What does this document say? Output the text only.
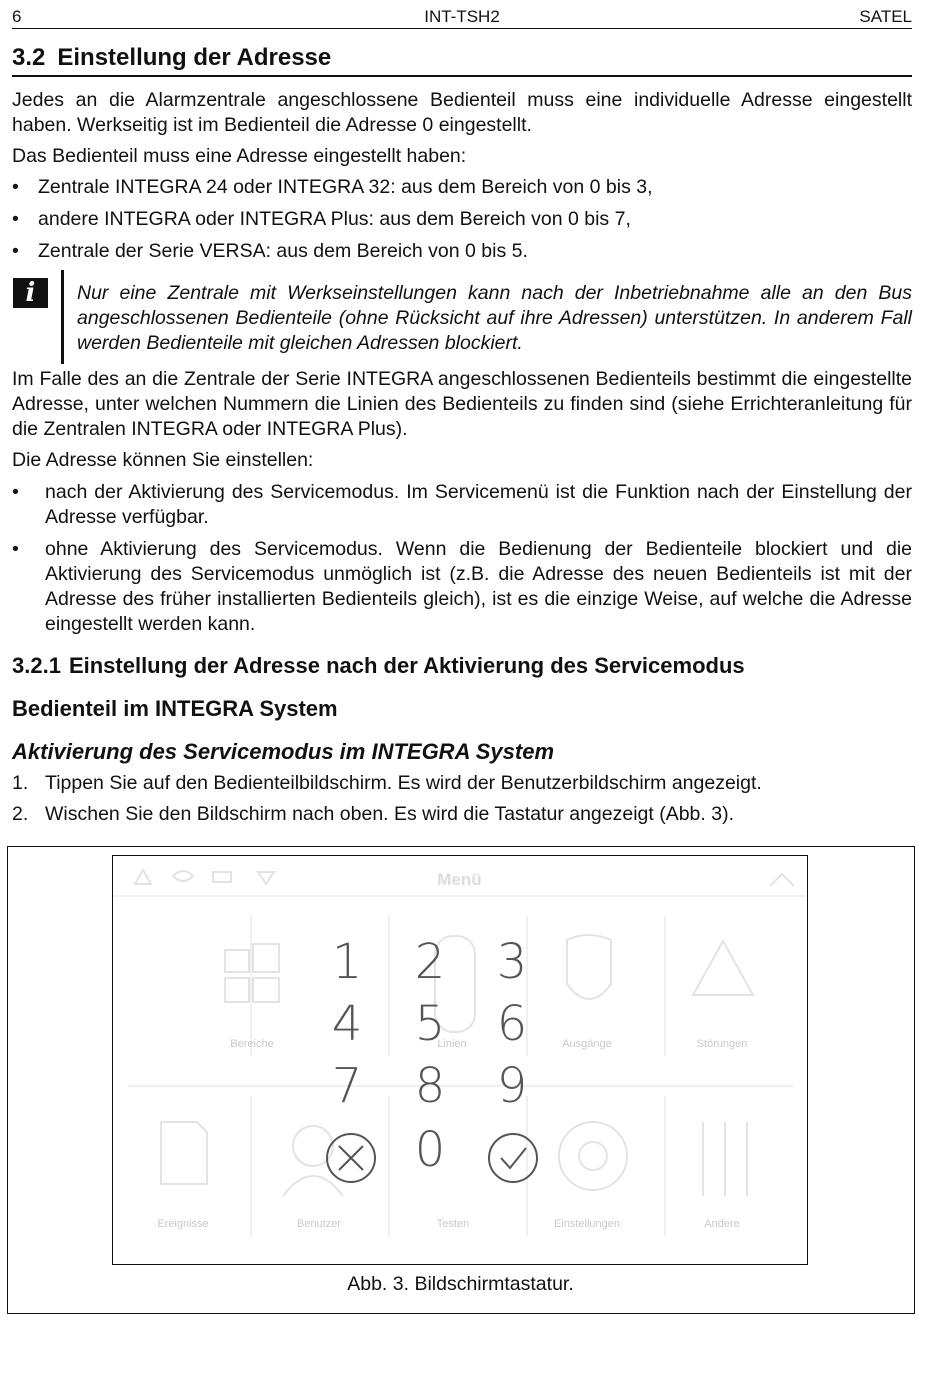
6	INT-TSH2	SATEL
3.2 Einstellung der Adresse

Jedes an die Alarmzentrale angeschlossene Bedienteil muss eine individuelle Adresse eingestellt haben. Werkseitig ist im Bedienteil die Adresse 0 eingestellt.

Das Bedienteil muss eine Adresse eingestellt haben:

• Zentrale INTEGRA 24 oder INTEGRA 32: aus dem Bereich von 0 bis 3,
• andere INTEGRA oder INTEGRA Plus: aus dem Bereich von 0 bis 7,
• Zentrale der Serie VERSA: aus dem Bereich von 0 bis 5.
i	Nur eine Zentrale mit Werkseinstellungen kann nach der Inbetriebnahme alle an den Bus angeschlossenen Bedienteile (ohne Rücksicht auf ihre Adressen) unterstützen. In anderem Fall werden Bedienteile mit gleichen Adressen blockiert.

Im Falle des an die Zentrale der Serie INTEGRA angeschlossenen Bedienteils bestimmt die eingestellte Adresse, unter welchen Nummern die Linien des Bedienteils zu finden sind (siehe Errichteranleitung für die Zentralen INTEGRA oder INTEGRA Plus).

Die Adresse können Sie einstellen:

• nach der Aktivierung des Servicemodus. Im Servicemenü ist die Funktion nach der Einstellung der Adresse verfügbar.
• ohne Aktivierung des Servicemodus. Wenn die Bedienung der Bedienteile blockiert und die Aktivierung des Servicemodus unmöglich ist (z.B. die Adresse des neuen Bedienteils ist mit der Adresse des früher installierten Bedienteils gleich), ist es die einzige Weise, auf welche die Adresse eingestellt werden kann.
3.2.1 Einstellung der Adresse nach der Aktivierung des Servicemodus
Bedienteil im INTEGRA System
Aktivierung des Servicemodus im INTEGRA System
1. Tippen Sie auf den Bedienteilbildschirm. Es wird der Benutzerbildschirm angezeigt.
2. Wischen Sie den Bildschirm nach oben. Es wird die Tastatur angezeigt (Abb. 3).
Menü
Bereiche	Linien	Ausgänge	Störungen
Ereignisse	Benutzer	Testen	Einstellungen	Andere
1	2	3
4	5	6
7	8	9
0
Abb. 3. Bildschirmtastatur.
